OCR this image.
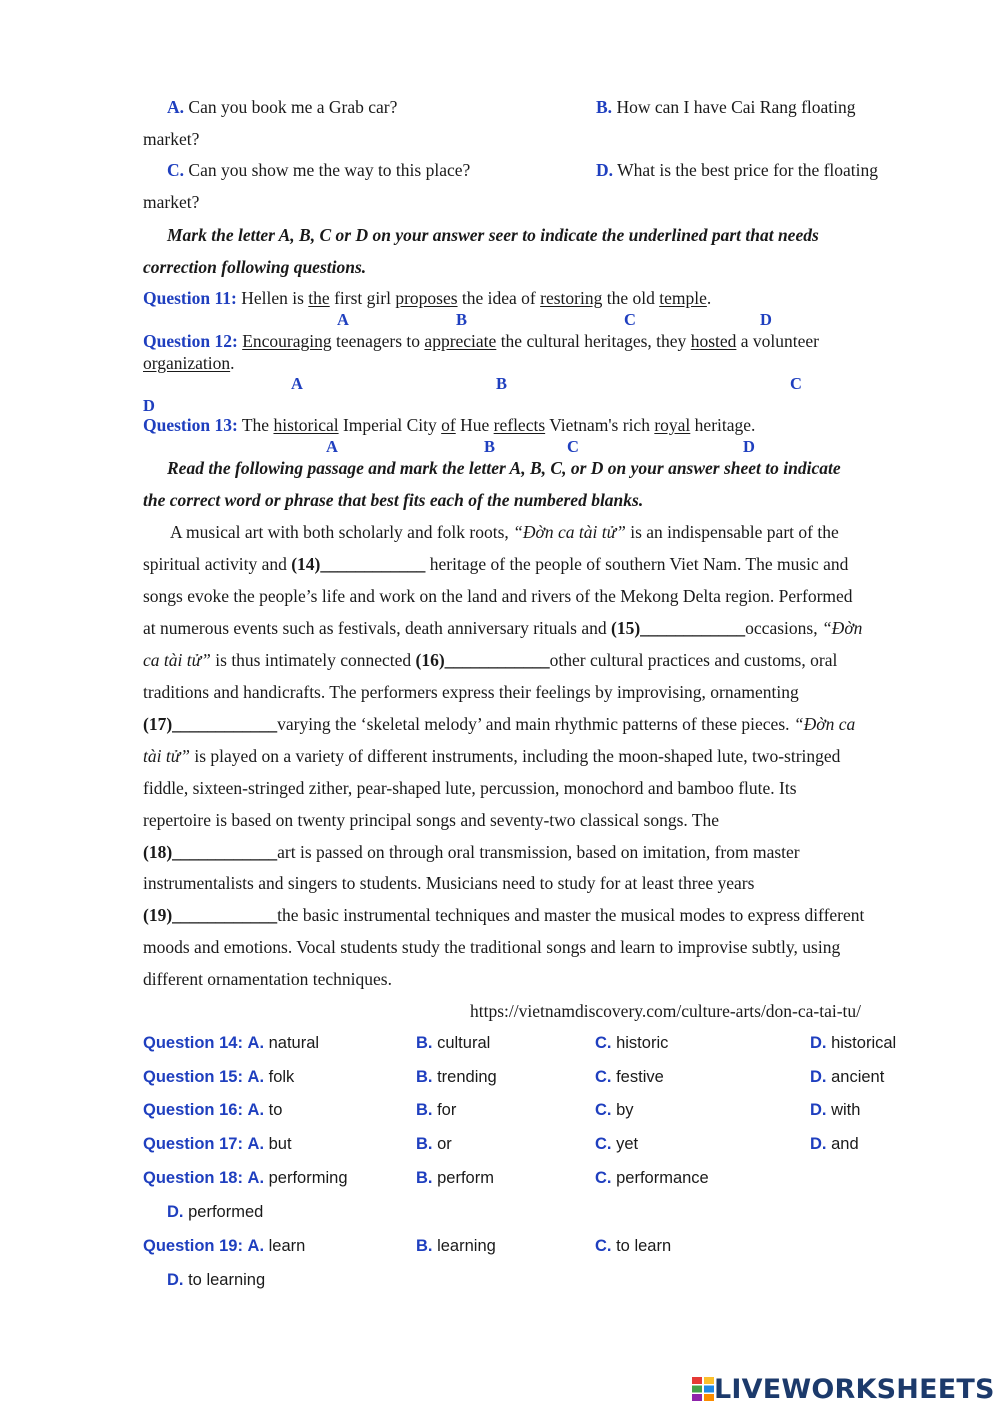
A. Can you book me a Grab car?	B. How can I have Cai Rang floating
market?
C. Can you show me the way to this place?	D. What is the best price for the floating
market?
Mark the letter A, B, C or D on your answer seer to indicate the underlined part that needs
correction following questions.
Question 11: Hellen is the first girl proposes the idea of restoring the old temple.
A	B	C	D
Question 12: Encouraging teenagers to appreciate the cultural heritages, they hosted a volunteer
organization.
A	B	C
D
Question 13: The historical Imperial City of Hue reflects Vietnam's rich royal heritage.
A	B	C	D
Read the following passage and mark the letter A, B, C, or D on your answer sheet to indicate
the correct word or phrase that best fits each of the numbered blanks.
A musical art with both scholarly and folk roots, “Đờn ca tài tử” is an indispensable part of the
spiritual activity and (14)____________ heritage of the people of southern Viet Nam. The music and
songs evoke the people’s life and work on the land and rivers of the Mekong Delta region. Performed
at numerous events such as festivals, death anniversary rituals and (15)____________occasions, “Đờn
ca tài tử” is thus intimately connected (16)____________other cultural practices and customs, oral
traditions and handicrafts. The performers express their feelings by improvising, ornamenting
(17)____________varying the ‘skeletal melody’ and main rhythmic patterns of these pieces. “Đờn ca
tài tử” is played on a variety of different instruments, including the moon-shaped lute, two-stringed
fiddle, sixteen-stringed zither, pear-shaped lute, percussion, monochord and bamboo flute. Its
repertoire is based on twenty principal songs and seventy-two classical songs. The
(18)____________art is passed on through oral transmission, based on imitation, from master
instrumentalists and singers to students. Musicians need to study for at least three years
(19)____________the basic instrumental techniques and master the musical modes to express different
moods and emotions. Vocal students study the traditional songs and learn to improvise subtly, using
different ornamentation techniques.
https://vietnamdiscovery.com/culture-arts/don-ca-tai-tu/
Question 14: A. natural	B. cultural	C. historic	D. historical
Question 15: A. folk	B. trending	C. festive	D. ancient
Question 16: A. to	B. for	C. by	D. with
Question 17: A. but	B. or	C. yet	D. and
Question 18: A. performing	B. perform	C. performance
D. performed
Question 19: A. learn	B. learning	C. to learn
D. to learning
LIVEWORKSHEETS
